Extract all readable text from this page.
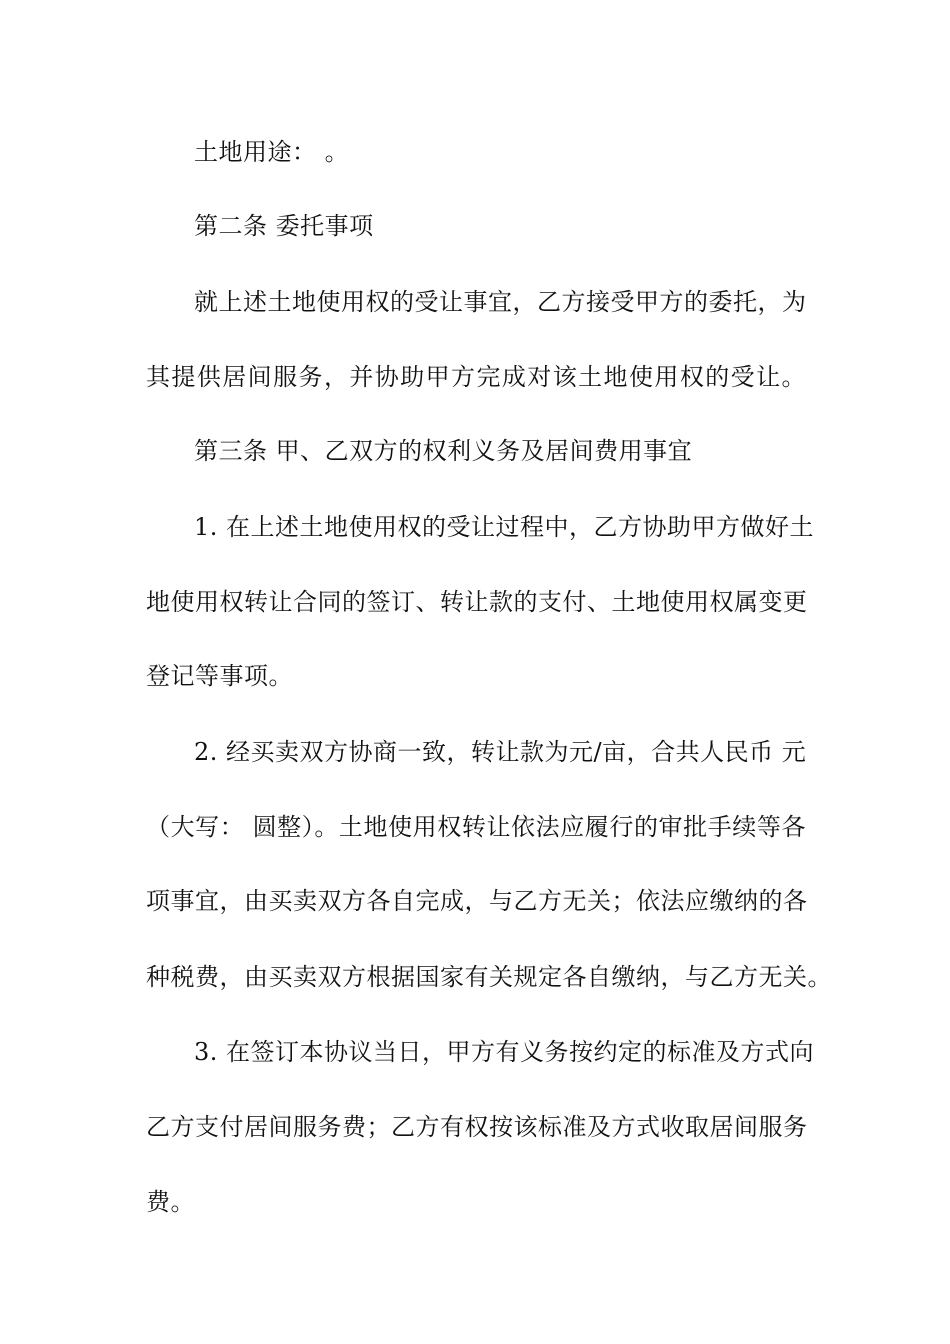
土地用途： 。
第二条 委托事项
就上述土地使用权的受让事宜，乙方接受甲方的委托，为
其提供居间服务，并协助甲方完成对该土地使用权的受让。
第三条 甲、乙双方的权利义务及居间费用事宜
1. 在上述土地使用权的受让过程中，乙方协助甲方做好土
地使用权转让合同的签订、转让款的支付、土地使用权属变更
登记等事项。
2. 经买卖双方协商一致，转让款为元/亩，合共人民币 元
（大写： 圆整）。土地使用权转让依法应履行的审批手续等各
项事宜，由买卖双方各自完成，与乙方无关；依法应缴纳的各
种税费，由买卖双方根据国家有关规定各自缴纳，与乙方无关。
3. 在签订本协议当日，甲方有义务按约定的标准及方式向
乙方支付居间服务费；乙方有权按该标准及方式收取居间服务
费。
